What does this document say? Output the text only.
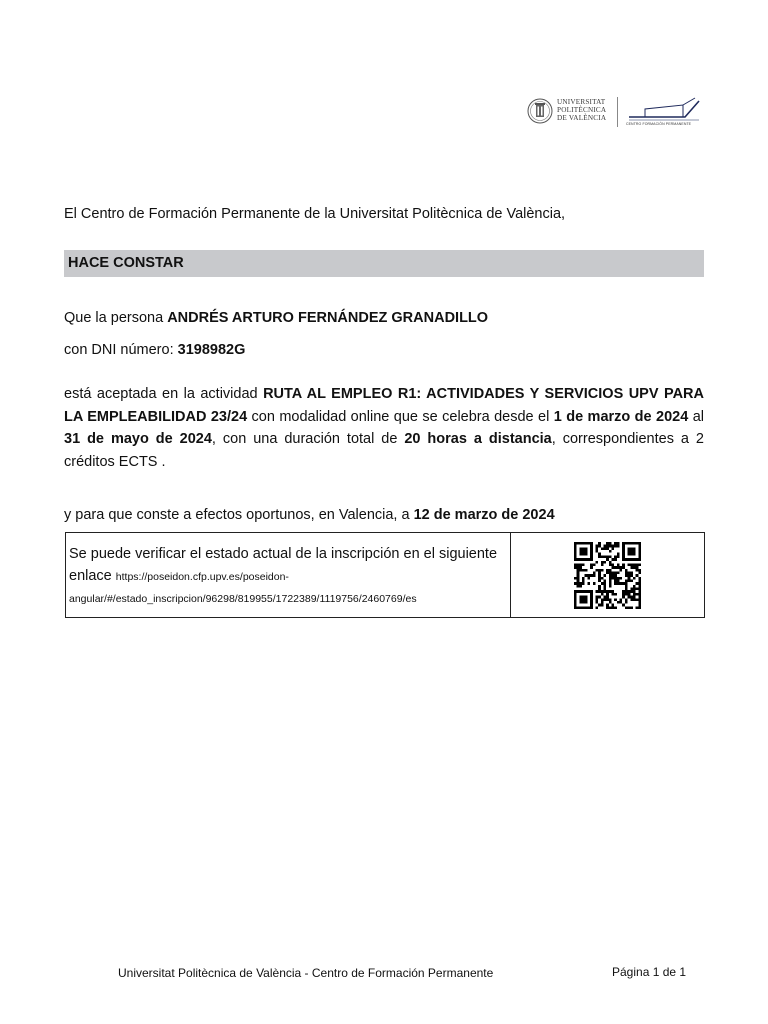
UNIVERSITAT
POLITÈCNICA
DE VALÈNCIA
CENTRO FORMACIÓN PERMANENTE
El Centro de Formación Permanente de la Universitat Politècnica de València,
HACE CONSTAR
Que la persona ANDRÉS ARTURO FERNÁNDEZ GRANADILLO
con DNI número: 3198982G
está aceptada en la actividad RUTA AL EMPLEO R1: ACTIVIDADES Y SERVICIOS UPV PARA LA EMPLEABILIDAD 23/24 con modalidad online que se celebra desde el 1 de marzo de 2024 al 31 de mayo de 2024, con una duración total de 20 horas a distancia, correspondientes a 2 créditos ECTS .
y para que conste a efectos oportunos, en Valencia, a 12 de marzo de 2024
Se puede verificar el estado actual de la inscripción en el siguiente enlace https://poseidon.cfp.upv.es/poseidon-angular/#/estado_inscripcion/96298/819955/1722389/1119756/2460769/es
Universitat Politècnica de València - Centro de Formación Permanente	Página 1 de 1
